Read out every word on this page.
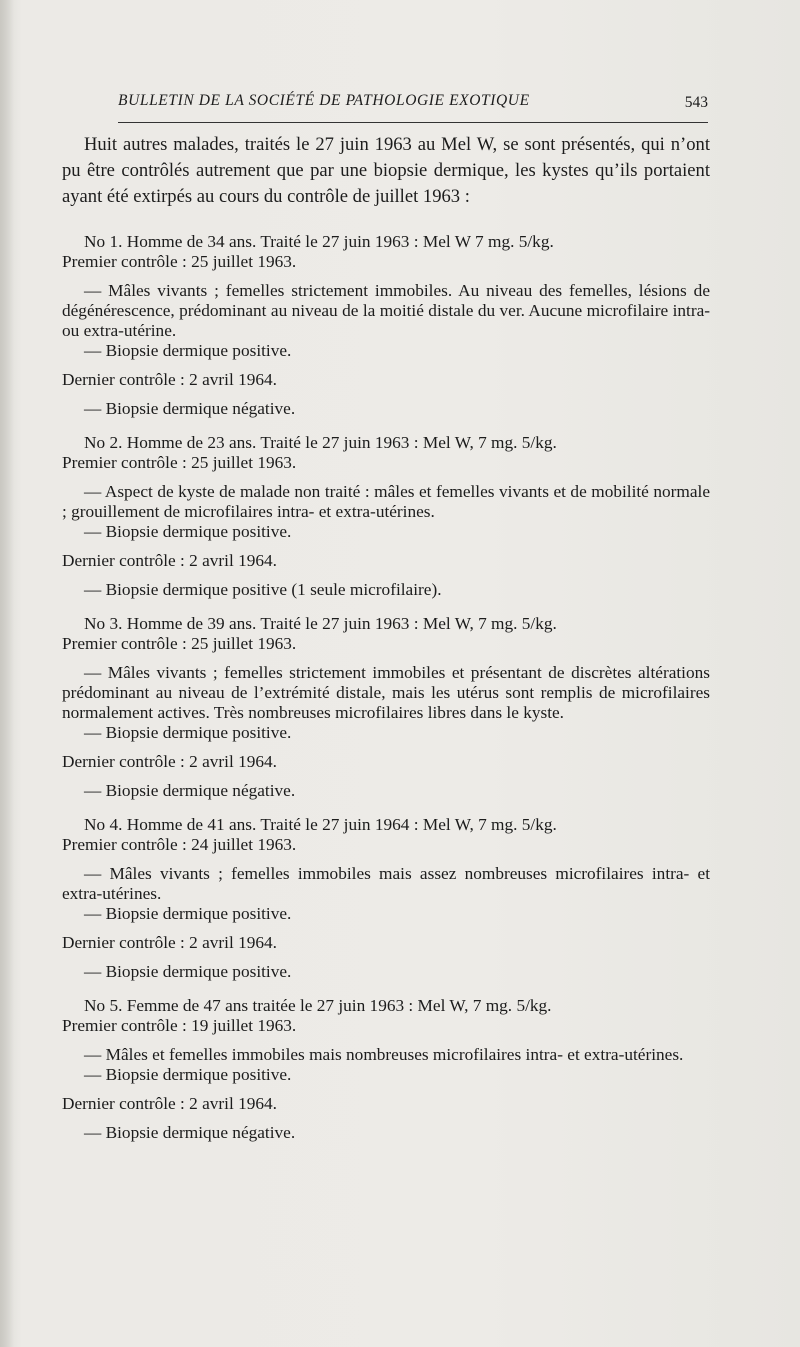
BULLETIN DE LA SOCIÉTÉ DE PATHOLOGIE EXOTIQUE	543

Huit autres malades, traités le 27 juin 1963 au Mel W, se sont présentés, qui n’ont pu être contrôlés autrement que par une biopsie dermique, les kystes qu’ils portaient ayant été extirpés au cours du contrôle de juillet 1963 :

No 1. Homme de 34 ans. Traité le 27 juin 1963 : Mel W 7 mg. 5/kg.

Premier contrôle : 25 juillet 1963.

— Mâles vivants ; femelles strictement immobiles. Au niveau des femelles, lésions de dégénérescence, prédominant au niveau de la moitié distale du ver. Aucune microfilaire intra- ou extra-utérine.

— Biopsie dermique positive.

Dernier contrôle : 2 avril 1964.

— Biopsie dermique négative.

No 2. Homme de 23 ans. Traité le 27 juin 1963 : Mel W, 7 mg. 5/kg.

Premier contrôle : 25 juillet 1963.

— Aspect de kyste de malade non traité : mâles et femelles vivants et de mobilité normale ; grouillement de microfilaires intra- et extra-utérines.

— Biopsie dermique positive.

Dernier contrôle : 2 avril 1964.

— Biopsie dermique positive (1 seule microfilaire).

No 3. Homme de 39 ans. Traité le 27 juin 1963 : Mel W, 7 mg. 5/kg.

Premier contrôle : 25 juillet 1963.

— Mâles vivants ; femelles strictement immobiles et présentant de discrètes altérations prédominant au niveau de l’extrémité distale, mais les utérus sont remplis de microfilaires normalement actives. Très nombreuses microfilaires libres dans le kyste.

— Biopsie dermique positive.

Dernier contrôle : 2 avril 1964.

— Biopsie dermique négative.

No 4. Homme de 41 ans. Traité le 27 juin 1964 : Mel W, 7 mg. 5/kg.

Premier contrôle : 24 juillet 1963.

— Mâles vivants ; femelles immobiles mais assez nombreuses microfilaires intra- et extra-utérines.

— Biopsie dermique positive.

Dernier contrôle : 2 avril 1964.

— Biopsie dermique positive.

No 5. Femme de 47 ans traitée le 27 juin 1963 : Mel W, 7 mg. 5/kg.

Premier contrôle : 19 juillet 1963.

— Mâles et femelles immobiles mais nombreuses microfilaires intra- et extra-utérines.

— Biopsie dermique positive.

Dernier contrôle : 2 avril 1964.

— Biopsie dermique négative.
